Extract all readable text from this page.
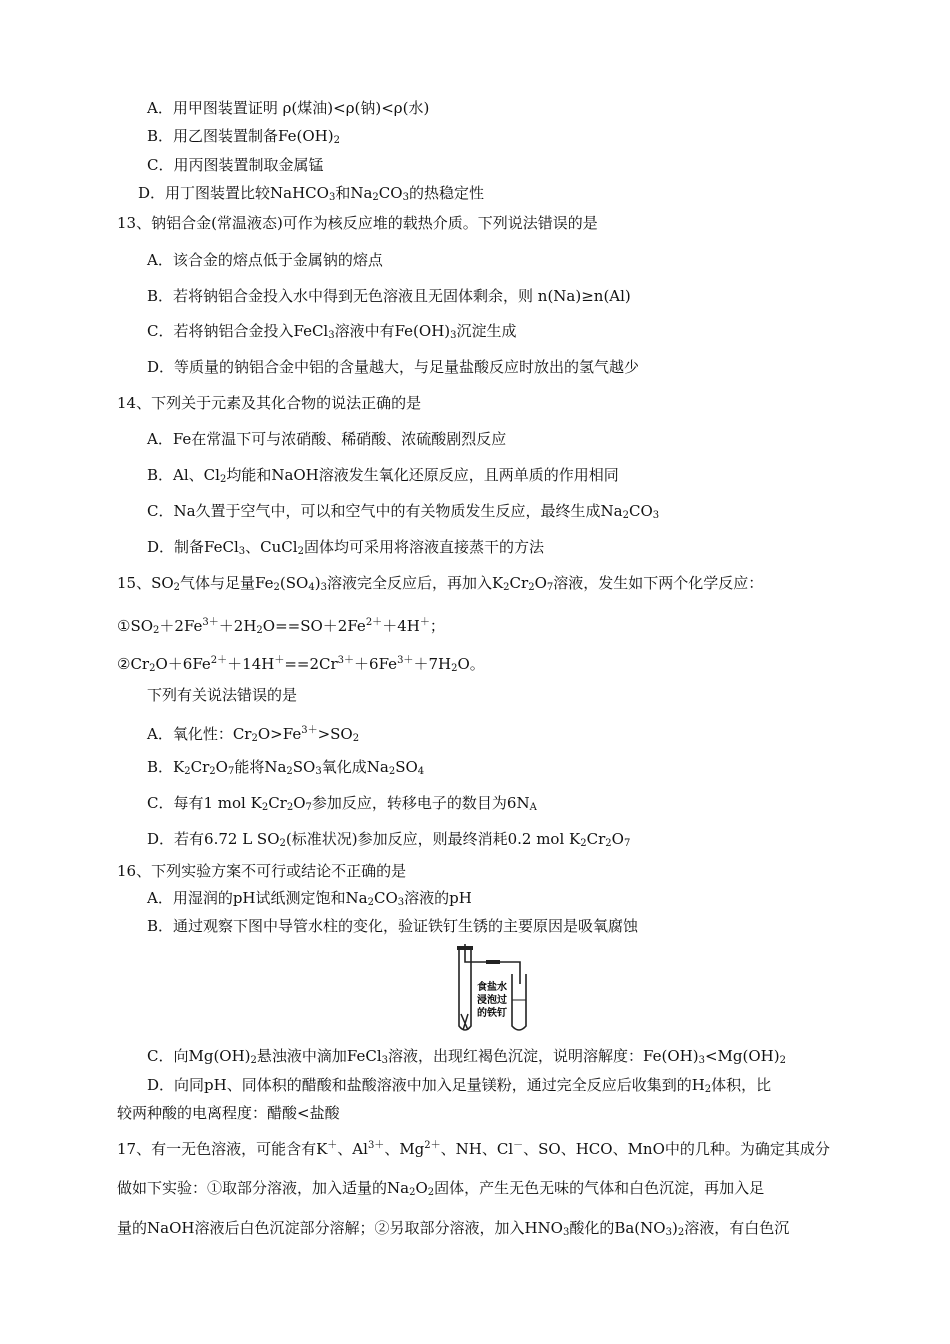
A．用甲图装置证明 ρ(煤油)<ρ(钠)<ρ(水)
B．用乙图装置制备$Fe(OH)_2$
C．用丙图装置制取金属锰
D．用丁图装置比较NaHCO$_3$和$Na_2CO_3$的热稳定性
13、钠铝合金(常温液态)可作为核反应堆的载热介质。下列说法错误的是
A．该合金的熔点低于金属钠的熔点
B．若将钠铝合金投入水中得到无色溶液且无固体剩余，则 n(Na)≥n(Al)
C．若将钠铝合金投入FeCl$_3$溶液中有$Fe(OH)_3$沉淀生成
D．等质量的钠铝合金中铝的含量越大，与足量盐酸反应时放出的氢气越少
14、下列关于元素及其化合物的说法正确的是
A．Fe在常温下可与浓硝酸、稀硝酸、浓硫酸剧烈反应
B．Al、$Cl_2$均能和NaOH溶液发生氧化还原反应，且两单质的作用相同
C．Na久置于空气中，可以和空气中的有关物质发生反应，最终生成$Na_2CO_3$
D．制备FeCl$_3$、CuCl$_2$固体均可采用将溶液直接蒸干的方法
15、$SO_2$气体与足量$Fe_2(SO_4)_3$溶液完全反应后，再加入$K_2Cr_2O_7$溶液，发生如下两个化学反应：
$①SO_2+2Fe^{3+}+2H_2O==SO+2Fe^{2+}+4H^+$；
$②Cr_2O+6Fe^{2+}+14H^+==2Cr^{3+}+6Fe^{3+}+7H_2O$。
下列有关说法错误的是
A．氧化性：$Cr_2O>Fe^{3+}>SO_2$
B．$K_2Cr_2O_7$能将$Na_2SO_3$氧化成$Na_2SO_4$
C．每有1 mol $K_2Cr_2O_7$参加反应，转移电子的数目为$6N_A$
D．若有6.72 L $SO_2$(标准状况)参加反应，则最终消耗0.2 mol $K_2Cr_2O_7$
16、下列实验方案不可行或结论不正确的是
A．用湿润的pH试纸测定饱和$Na_2CO_3$溶液的pH
B．通过观察下图中导管水柱的变化，验证铁钉生锈的主要原因是吸氧腐蚀
食盐水
浸泡过
的铁钉
C．向$Mg(OH)_2$悬浊液中滴加FeCl$_3$溶液，出现红褐色沉淀，说明溶解度：$Fe(OH)_3<Mg(OH)_2$
D．向同pH、同体积的醋酸和盐酸溶液中加入足量镁粉，通过完全反应后收集到的$H_2$体积，比
较两种酸的电离程度：醋酸<盐酸
17、有一无色溶液，可能含有K＋、$Al^{3+}$、$Mg^{2+}$、NH、Cl－、SO、HCO、MnO中的几种。为确定其成分
做如下实验：①取部分溶液，加入适量的$Na_2O_2$固体，产生无色无味的气体和白色沉淀，再加入足
量的NaOH溶液后白色沉淀部分溶解；②另取部分溶液，加入$HNO_3$酸化的$Ba(NO_3)_2$溶液，有白色沉
